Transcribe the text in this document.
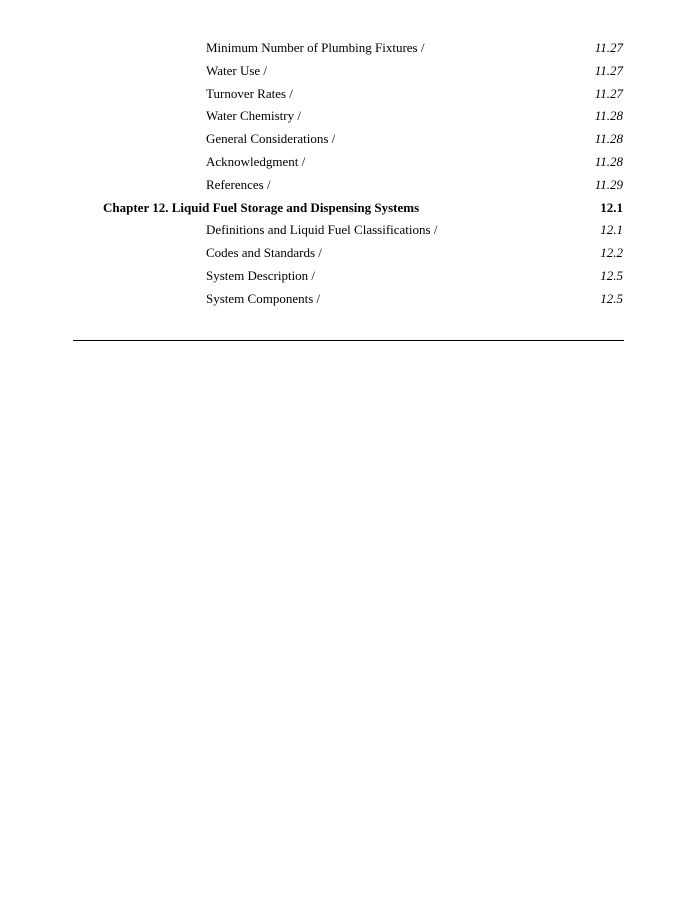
Minimum Number of Plumbing Fixtures /	11.27
Water Use /	11.27
Turnover Rates /	11.27
Water Chemistry /	11.28
General Considerations /	11.28
Acknowledgment /	11.28
References /	11.29
Chapter 12. Liquid Fuel Storage and Dispensing Systems	12.1
Definitions and Liquid Fuel Classifications /	12.1
Codes and Standards /	12.2
System Description /	12.5
System Components /	12.5
